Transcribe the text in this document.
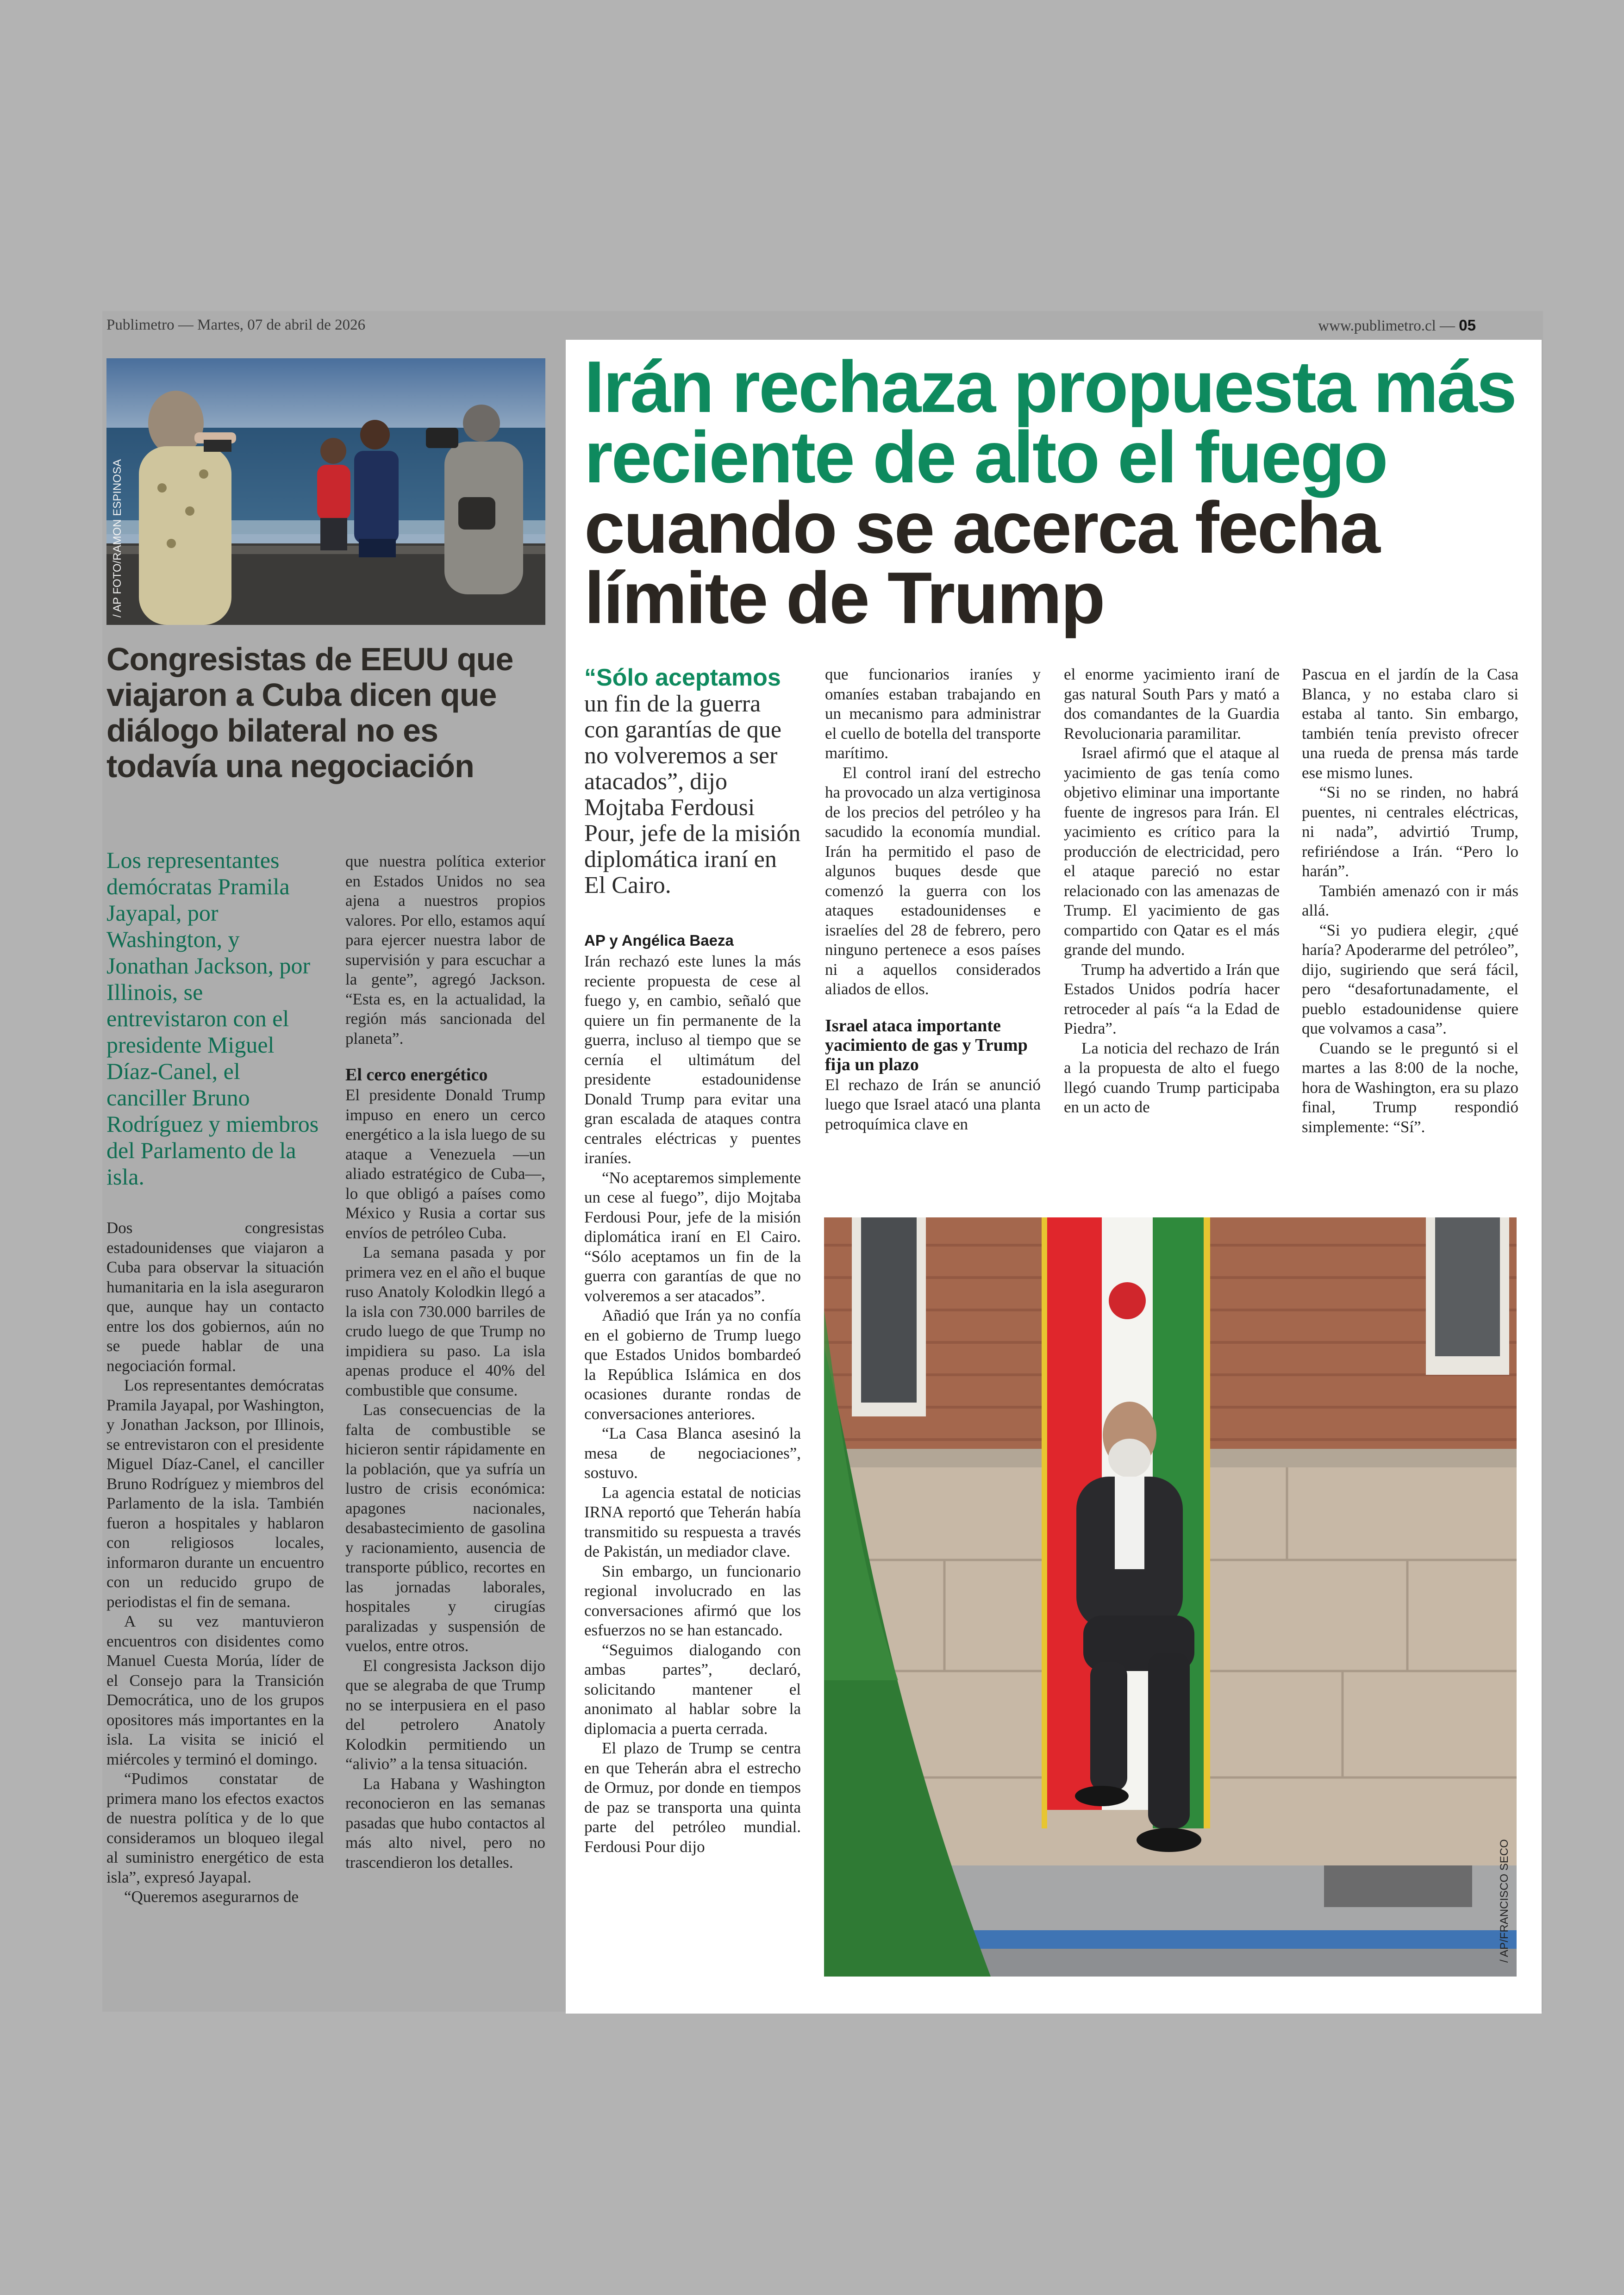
Publimetro — Martes, 07 de abril de 2026	www.publimetro.cl — 05
/ AP FOTO/RAMON ESPINOSA
Congresistas de EEUU que viajaron a Cuba dicen que diálogo bilateral no es todavía una negociación

Los representantes demócratas Pramila Jayapal, por Washington, y Jonathan Jackson, por Illinois, se entrevistaron con el presidente Miguel Díaz-Canel, el canciller Bruno Rodríguez y miembros del Parlamento de la isla.

Dos congresistas estadounidenses que viajaron a Cuba para observar la situación humanitaria en la isla aseguraron que, aunque hay un contacto entre los dos gobiernos, aún no se puede hablar de una negociación formal.

Los representantes demócratas Pramila Jayapal, por Washington, y Jonathan Jackson, por Illinois, se entrevistaron con el presidente Miguel Díaz-Canel, el canciller Bruno Rodríguez y miembros del Parlamento de la isla. También fueron a hospitales y hablaron con religiosos locales, informaron durante un encuentro con un reducido grupo de periodistas el fin de semana.

A su vez mantuvieron encuentros con disidentes como Manuel Cuesta Morúa, líder de el Consejo para la Transición Democrática, uno de los grupos opositores más importantes en la isla. La visita se inició el miércoles y terminó el domingo.

“Pudimos constatar de primera mano los efectos exactos de nuestra política y de lo que consideramos un bloqueo ilegal al suministro energético de esta isla”, expresó Jayapal.

“Queremos asegurarnos de

que nuestra política exterior en Estados Unidos no sea ajena a nuestros propios valores. Por ello, estamos aquí para ejercer nuestra labor de supervisión y para escuchar a la gente”, agregó Jackson. “Esta es, en la actualidad, la región más sancionada del planeta”.

El cerco energético

El presidente Donald Trump impuso en enero un cerco energético a la isla luego de su ataque a Venezuela —un aliado estratégico de Cuba—, lo que obligó a países como México y Rusia a cortar sus envíos de petróleo Cuba.

La semana pasada y por primera vez en el año el buque ruso Anatoly Kolodkin llegó a la isla con 730.000 barriles de crudo luego de que Trump no impidiera su paso. La isla apenas produce el 40% del combustible que consume.

Las consecuencias de la falta de combustible se hicieron sentir rápidamente en la población, que ya sufría un lustro de crisis económica: apagones nacionales, desabastecimiento de gasolina y racionamiento, ausencia de transporte público, recortes en las jornadas laborales, hospitales y cirugías paralizadas y suspensión de vuelos, entre otros.

El congresista Jackson dijo que se alegraba de que Trump no se interpusiera en el paso del petrolero Anatoly Kolodkin permitiendo un “alivio” a la tensa situación.

La Habana y Washington reconocieron en las semanas pasadas que hubo contactos al más alto nivel, pero no trascendieron los detalles.

Irán rechaza propuesta más reciente de alto el fuego cuando se acerca fecha límite de Trump

“Sólo aceptamos un fin de la guerra con garantías de que no volveremos a ser atacados”, dijo Mojtaba Ferdousi Pour, jefe de la misión diplomática iraní en El Cairo.

AP y Angélica Baeza

Irán rechazó este lunes la más reciente propuesta de cese al fuego y, en cambio, señaló que quiere un fin permanente de la guerra, incluso al tiempo que se cernía el ultimátum del presidente estadounidense Donald Trump para evitar una gran escalada de ataques contra centrales eléctricas y puentes iraníes.

“No aceptaremos simplemente un cese al fuego”, dijo Mojtaba Ferdousi Pour, jefe de la misión diplomática iraní en El Cairo. “Sólo aceptamos un fin de la guerra con garantías de que no volveremos a ser atacados”.

Añadió que Irán ya no confía en el gobierno de Trump luego que Estados Unidos bombardeó la República Islámica en dos ocasiones durante rondas de conversaciones anteriores.

“La Casa Blanca asesinó la mesa de negociaciones”, sostuvo.

La agencia estatal de noticias IRNA reportó que Teherán había transmitido su respuesta a través de Pakistán, un mediador clave.

Sin embargo, un funcionario regional involucrado en las conversaciones afirmó que los esfuerzos no se han estancado.

“Seguimos dialogando con ambas partes”, declaró, solicitando mantener el anonimato al hablar sobre la diplomacia a puerta cerrada.

El plazo de Trump se centra en que Teherán abra el estrecho de Ormuz, por donde en tiempos de paz se transporta una quinta parte del petróleo mundial. Ferdousi Pour dijo

que funcionarios iraníes y omaníes estaban trabajando en un mecanismo para administrar el cuello de botella del transporte marítimo.

El control iraní del estrecho ha provocado un alza vertiginosa de los precios del petróleo y ha sacudido la economía mundial. Irán ha permitido el paso de algunos buques desde que comenzó la guerra con los ataques estadounidenses e israelíes del 28 de febrero, pero ninguno pertenece a esos países ni a aquellos considerados aliados de ellos.

Israel ataca importante yacimiento de gas y Trump fija un plazo

El rechazo de Irán se anunció luego que Israel atacó una planta petroquímica clave en

el enorme yacimiento iraní de gas natural South Pars y mató a dos comandantes de la Guardia Revolucionaria paramilitar.

Israel afirmó que el ataque al yacimiento de gas tenía como objetivo eliminar una importante fuente de ingresos para Irán. El yacimiento es crítico para la producción de electricidad, pero el ataque pareció no estar relacionado con las amenazas de Trump. El yacimiento de gas compartido con Qatar es el más grande del mundo.

Trump ha advertido a Irán que Estados Unidos podría hacer retroceder al país “a la Edad de Piedra”.

La noticia del rechazo de Irán a la propuesta de alto el fuego llegó cuando Trump participaba en un acto de

Pascua en el jardín de la Casa Blanca, y no estaba claro si estaba al tanto. Sin embargo, también tenía previsto ofrecer una rueda de prensa más tarde ese mismo lunes.

“Si no se rinden, no habrá puentes, ni centrales eléctricas, ni nada”, advirtió Trump, refiriéndose a Irán. “Pero lo harán”.

También amenazó con ir más allá.

“Si yo pudiera elegir, ¿qué haría? Apoderarme del petróleo”, dijo, sugiriendo que será fácil, pero “desafortunadamente, el pueblo estadounidense quiere que volvamos a casa”.

Cuando se le preguntó si el martes a las 8:00 de la noche, hora de Washington, era su plazo final, Trump respondió simplemente: “Sí”.

/ AP/FRANCISCO SECO
